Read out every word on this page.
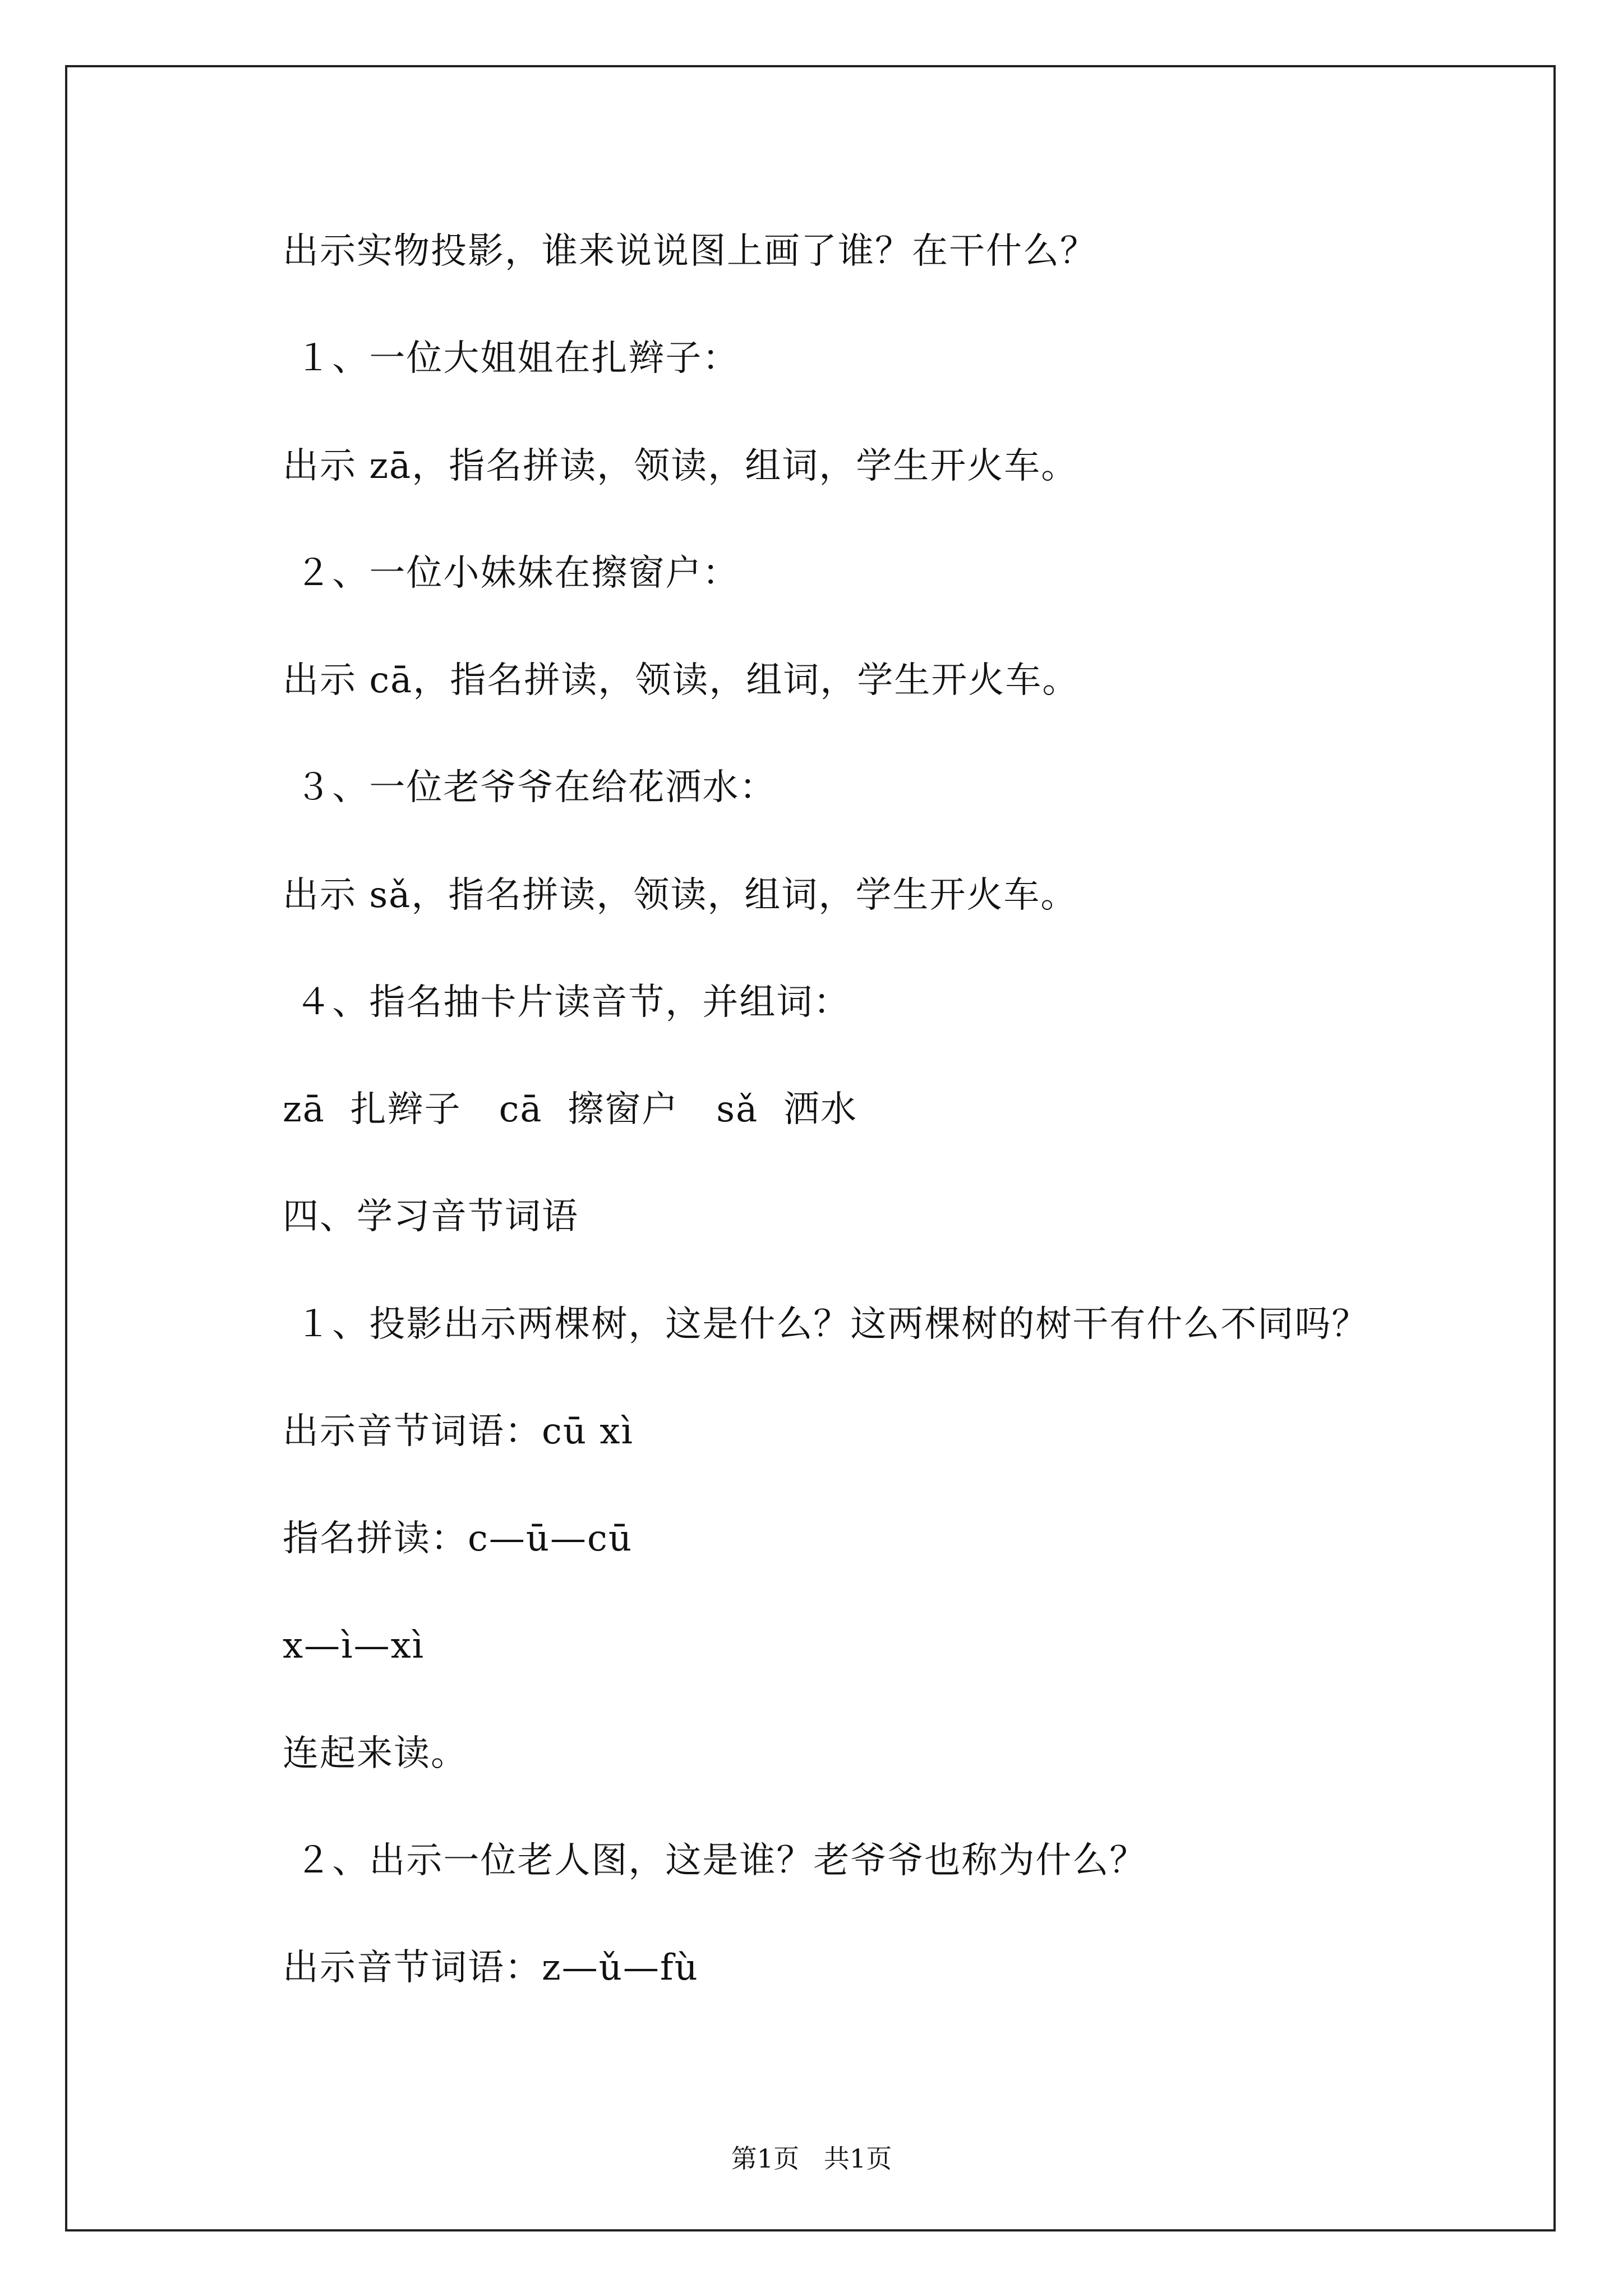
出示实物投影，谁来说说图上画了谁？在干什么？
１、一位大姐姐在扎辫子：
出示 zā，指名拼读，领读，组词，学生开火车。
２、一位小妹妹在擦窗户：
出示 cā，指名拼读，领读，组词，学生开火车。
３、一位老爷爷在给花洒水：
出示 sǎ，指名拼读，领读，组词，学生开火车。
４、指名抽卡片读音节，并组词：
zā  扎辫子   cā  擦窗户   sǎ  洒水
四、学习音节词语
１、投影出示两棵树，这是什么？这两棵树的树干有什么不同吗？
出示音节词语：cū xì
指名拼读：c—ū—cū
x—ì—xì
连起来读。
２、出示一位老人图，这是谁？老爷爷也称为什么？
出示音节词语：z—ǔ—fù
第1页   共1页
